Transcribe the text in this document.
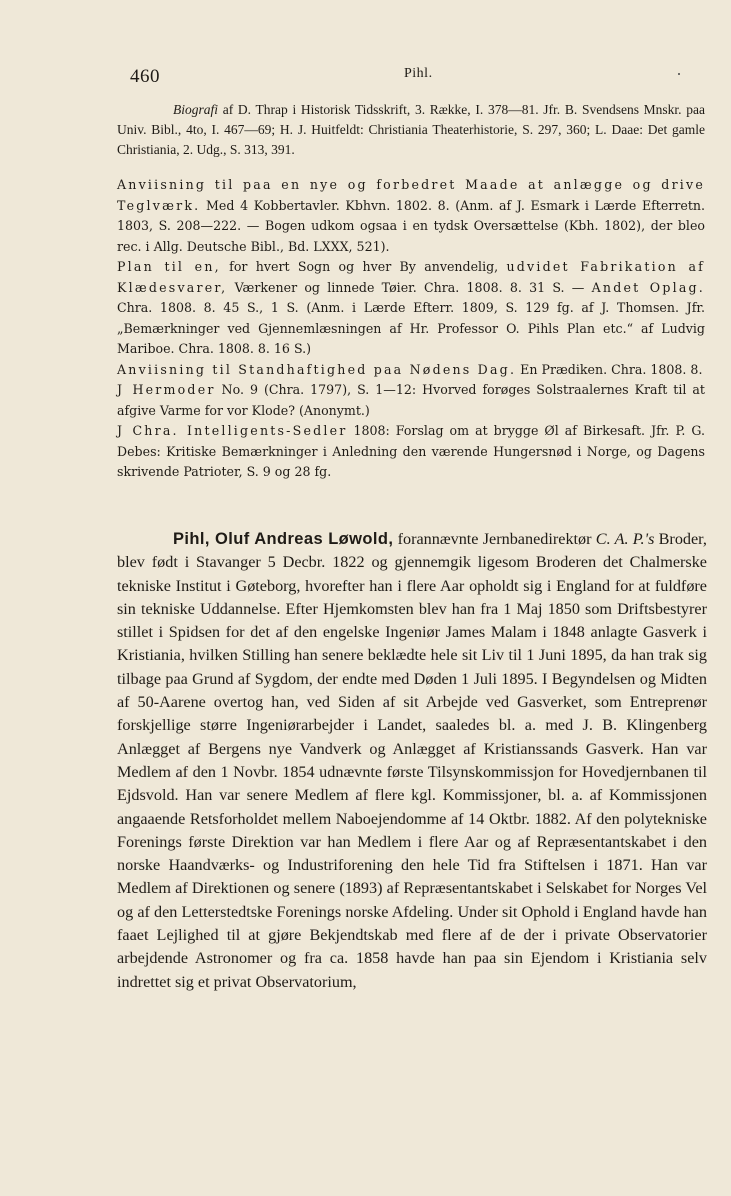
460	Pihl.

Biografi af D. Thrap i Historisk Tidsskrift, 3. Række, I. 378—81. Jfr. B. Svendsens Mnskr. paa Univ. Bibl., 4to, I. 467—69; H. J. Huitfeldt: Christiania Theaterhistorie, S. 297, 360; L. Daae: Det gamle Christiania, 2. Udg., S. 313, 391.

Anviisning til paa en nye og forbedret Maade at anlægge og drive Teglværk. Med 4 Kobbertavler. Kbhvn. 1802. 8. (Anm. af J. Esmark i Lærde Efterretn. 1803, S. 208—222. — Bogen udkom ogsaa i en tydsk Oversættelse (Kbh. 1802), der bleo rec. i Allg. Deutsche Bibl., Bd. LXXX, 521).

Plan til en, for hvert Sogn og hver By anvendelig, udvidet Fabrikation af Klædesvarer, Værkener og linnede Tøier. Chra. 1808. 8. 31 S. — Andet Oplag. Chra. 1808. 8. 45 S., 1 S. (Anm. i Lærde Efterr. 1809, S. 129 fg. af J. Thomsen. Jfr. „Bemærkninger ved Gjennemlæsningen af Hr. Professor O. Pihls Plan etc.“ af Ludvig Mariboe. Chra. 1808. 8. 16 S.)

Anviisning til Standhaftighed paa Nødens Dag. En Prædiken. Chra. 1808. 8.

J Hermoder No. 9 (Chra. 1797), S. 1—12: Hvorved forøges Solstraalernes Kraft til at afgive Varme for vor Klode? (Anonymt.)

J Chra. Intelligents-Sedler 1808: Forslag om at brygge Øl af Birkesaft. Jfr. P. G. Debes: Kritiske Bemærkninger i Anledning den værende Hungersnød i Norge, og Dagens skrivende Patrioter, S. 9 og 28 fg.

Pihl, Oluf Andreas Løwold, forannævnte Jernbanedirektør C. A. P.'s Broder, blev født i Stavanger 5 Decbr. 1822 og gjennemgik ligesom Broderen det Chalmerske tekniske Institut i Gøteborg, hvorefter han i flere Aar opholdt sig i England for at fuldføre sin tekniske Uddannelse. Efter Hjemkomsten blev han fra 1 Maj 1850 som Driftsbestyrer stillet i Spidsen for det af den engelske Ingeniør James Malam i 1848 anlagte Gasverk i Kristiania, hvilken Stilling han senere beklædte hele sit Liv til 1 Juni 1895, da han trak sig tilbage paa Grund af Sygdom, der endte med Døden 1 Juli 1895. I Begyndelsen og Midten af 50-Aarene overtog han, ved Siden af sit Arbejde ved Gasverket, som Entreprenør forskjellige større Ingeniørarbejder i Landet, saaledes bl. a. med J. B. Klingenberg Anlægget af Bergens nye Vandverk og Anlægget af Kristianssands Gasverk. Han var Medlem af den 1 Novbr. 1854 udnævnte første Tilsynskommissjon for Hovedjernbanen til Ejdsvold. Han var senere Medlem af flere kgl. Kommissjoner, bl. a. af Kommissjonen angaaende Retsforholdet mellem Naboejendomme af 14 Oktbr. 1882. Af den polytekniske Forenings første Direktion var han Medlem i flere Aar og af Repræsentantskabet i den norske Haandværks- og Industriforening den hele Tid fra Stiftelsen i 1871. Han var Medlem af Direktionen og senere (1893) af Repræsentantskabet i Selskabet for Norges Vel og af den Letterstedtske Forenings norske Afdeling. Under sit Ophold i England havde han faaet Lejlighed til at gjøre Bekjendtskab med flere af de der i private Observatorier arbejdende Astronomer og fra ca. 1858 havde han paa sin Ejendom i Kristiania selv indrettet sig et privat Observatorium,
